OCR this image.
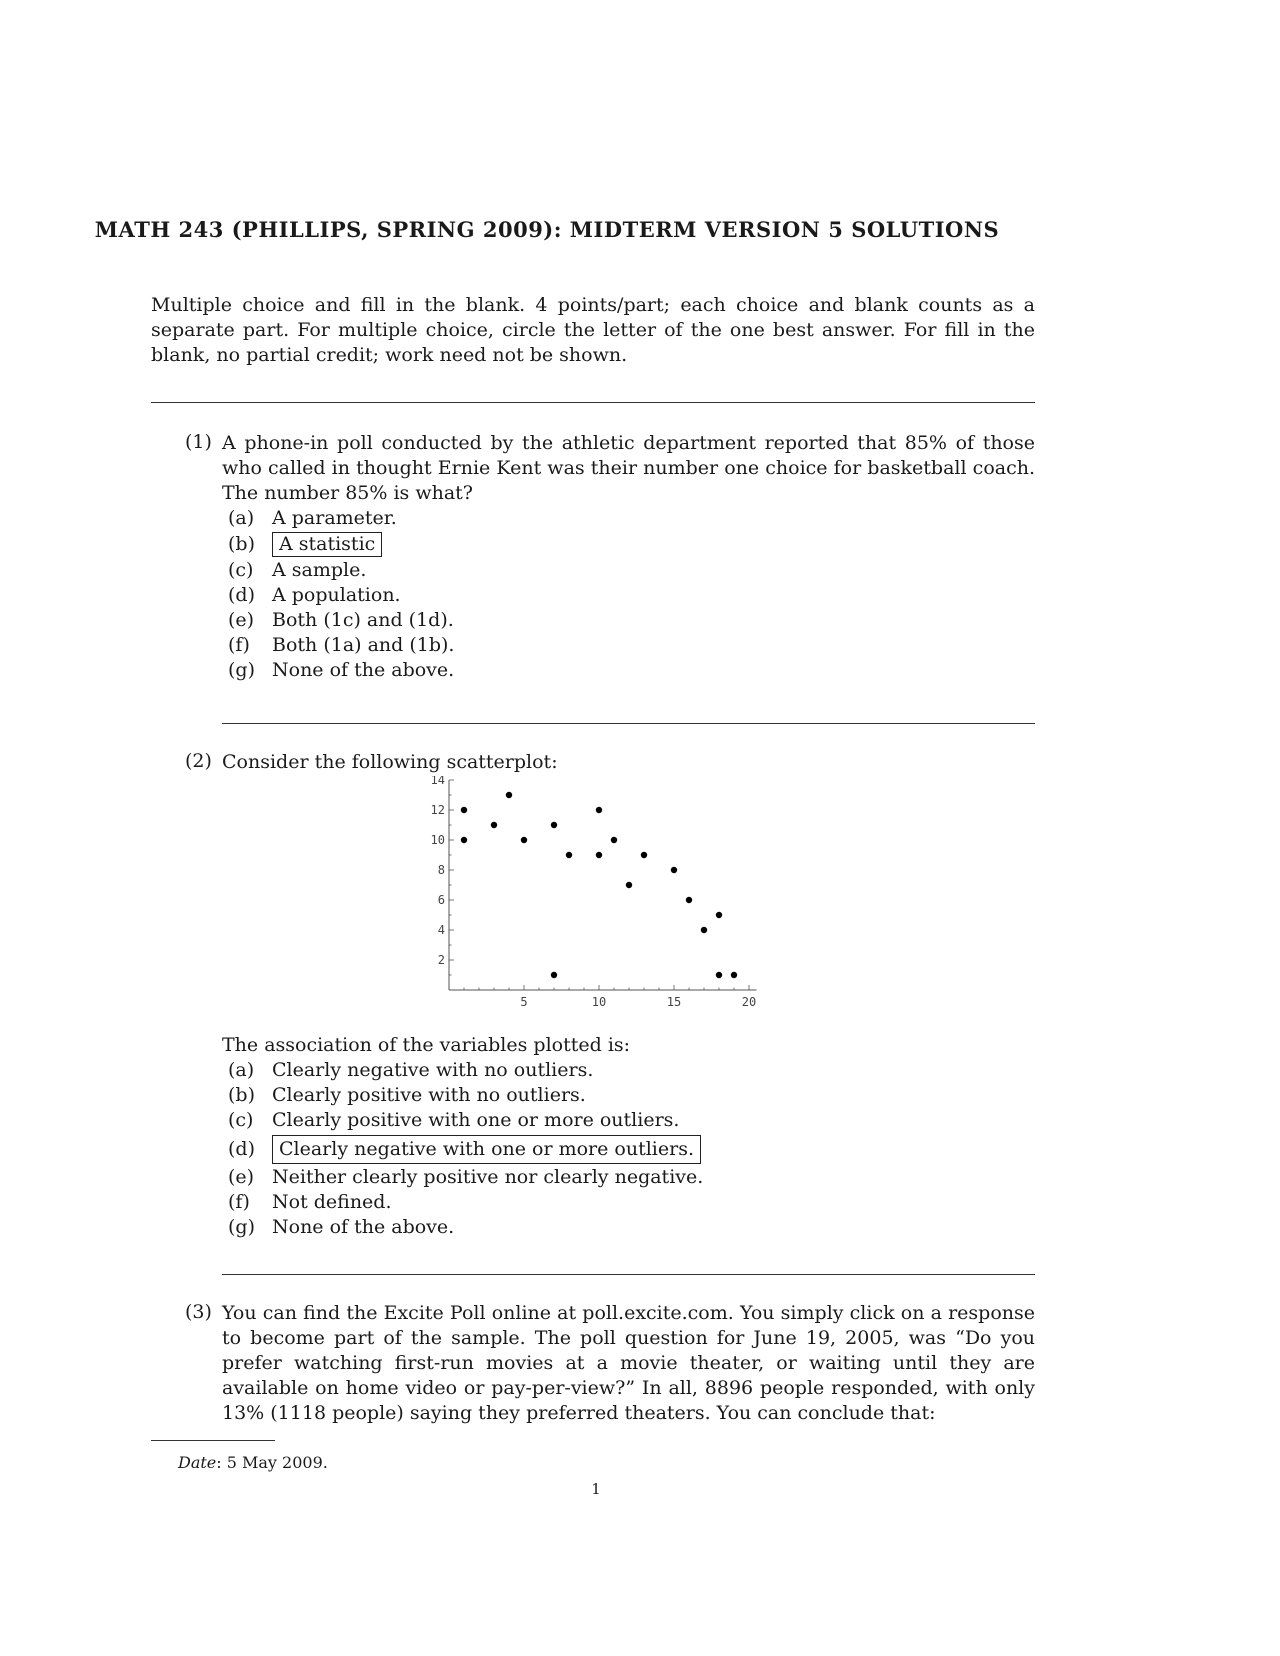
MATH 243 (PHILLIPS, SPRING 2009): MIDTERM VERSION 5 SOLUTIONS
Multiple choice and fill in the blank. 4 points/part; each choice and blank counts as a separate part. For multiple choice, circle the letter of the one best answer. For fill in the blank, no partial credit; work need not be shown.
(1) A phone-in poll conducted by the athletic department reported that 85% of those who called in thought Ernie Kent was their number one choice for basketball coach. The number 85% is what?
(a) A parameter.
(b)	A statistic
(c) A sample.
(d) A population.
(e) Both (1c) and (1d).
(f)	Both (1a) and (1b).
(g) None of the above.
(2) Consider the following scatterplot:
5	10	15	20
2
4
6
8
10
12
14
The association of the variables plotted is:
(a) Clearly negative with no outliers.
(b) Clearly positive with no outliers.
(c) Clearly positive with one or more outliers.
(d)	Clearly negative with one or more outliers.
(e) Neither clearly positive nor clearly negative.
(f)	Not defined.
(g) None of the above.
(3) You can find the Excite Poll online at poll.excite.com. You simply click on a response to become part of the sample. The poll question for June 19, 2005, was “Do you prefer watching first-run movies at a movie theater, or waiting until they are available on home video or pay-per-view?” In all, 8896 people responded, with only 13% (1118 people) saying they preferred theaters. You can conclude that:
Date: 5 May 2009.
1
